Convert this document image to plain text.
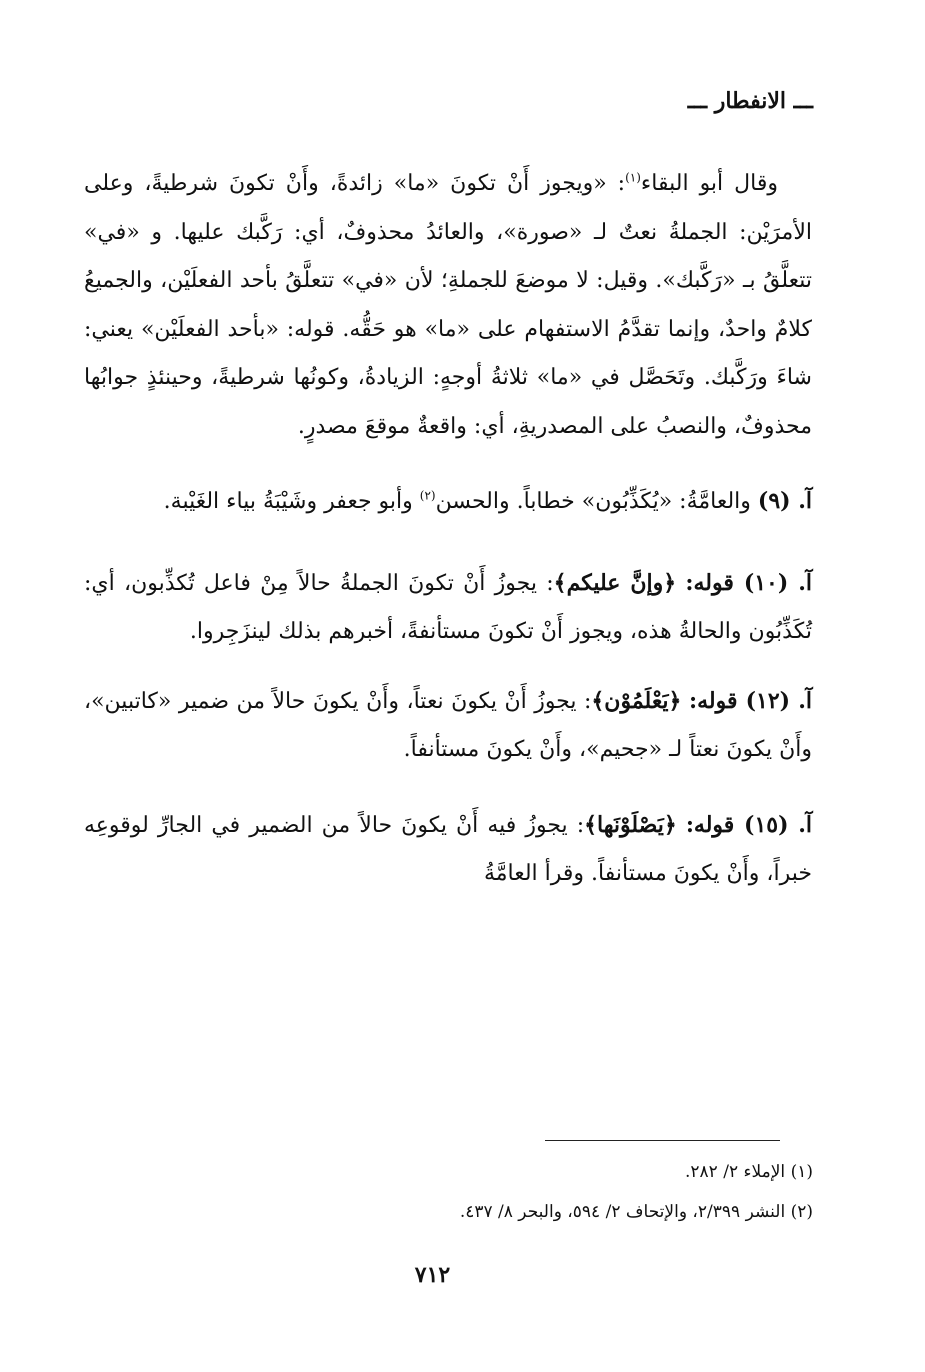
ـــ الانفطار ـــ

وقال أبو البقاء$^{(١)}$: «ويجوز أَنْ تكونَ «ما» زائدةً، وأَنْ تكونَ شرطيةً، وعلى الأمرَيْن: الجملةُ نعتٌ لـ «صورة»، والعائدُ محذوفٌ، أي: رَكَّبك عليها. و «في» تتعلَّقُ بـ «رَكَّبك». وقيل: لا موضعَ للجملةِ؛ لأن «في» تتعلَّقُ بأحد الفعلَيْن، والجميعُ كلامٌ واحدٌ، وإنما تقدَّمُ الاستفهام على «ما» هو حَقُّه. قوله: «بأحد الفعلَيْن» يعني: شاءَ ورَكَّبك. وتَحَصَّل في «ما» ثلاثةُ أوجهٍ: الزيادةُ، وكونُها شرطيةً، وحينئذٍ جوابُها محذوفٌ، والنصبُ على المصدريةِ، أي: واقعةٌ موقعَ مصدرٍ.

آ. (٩) والعامَّةُ: «يُكَذِّبُون» خطاباً. والحسن$^{(٢)}$ وأبو جعفر وشَيْبَةُ بياء الغَيْبة.

آ. (١٠) قوله: ﴿وإنَّ عليكم﴾: يجوزُ أَنْ تكونَ الجملةُ حالاً مِنْ فاعل تُكذِّبون، أي: تُكَذِّبُون والحالةُ هذه، ويجوز أَنْ تكونَ مستأنفةً، أخبرهم بذلك لينزَجِروا.

آ. (١٢) قوله: ﴿يَعْلَمُوْن﴾: يجوزُ أَنْ يكونَ نعتاً، وأَنْ يكونَ حالاً من ضمير «كاتبين»، وأَنْ يكونَ نعتاً لـ «جحيم»، وأَنْ يكونَ مستأنفاً.

آ. (١٥) قوله: ﴿يَصْلَوْنَها﴾: يجوزُ فيه أَنْ يكونَ حالاً من الضمير في الجارِّ لوقوعِه خبراً، وأَنْ يكونَ مستأنفاً. وقرأ العامَّةُ

(١) الإملاء ٢/ ٢٨٢.

(٢) النشر ٢/٣٩٩، والإتحاف ٢/ ٥٩٤، والبحر ٨/ ٤٣٧.

٧١٢
